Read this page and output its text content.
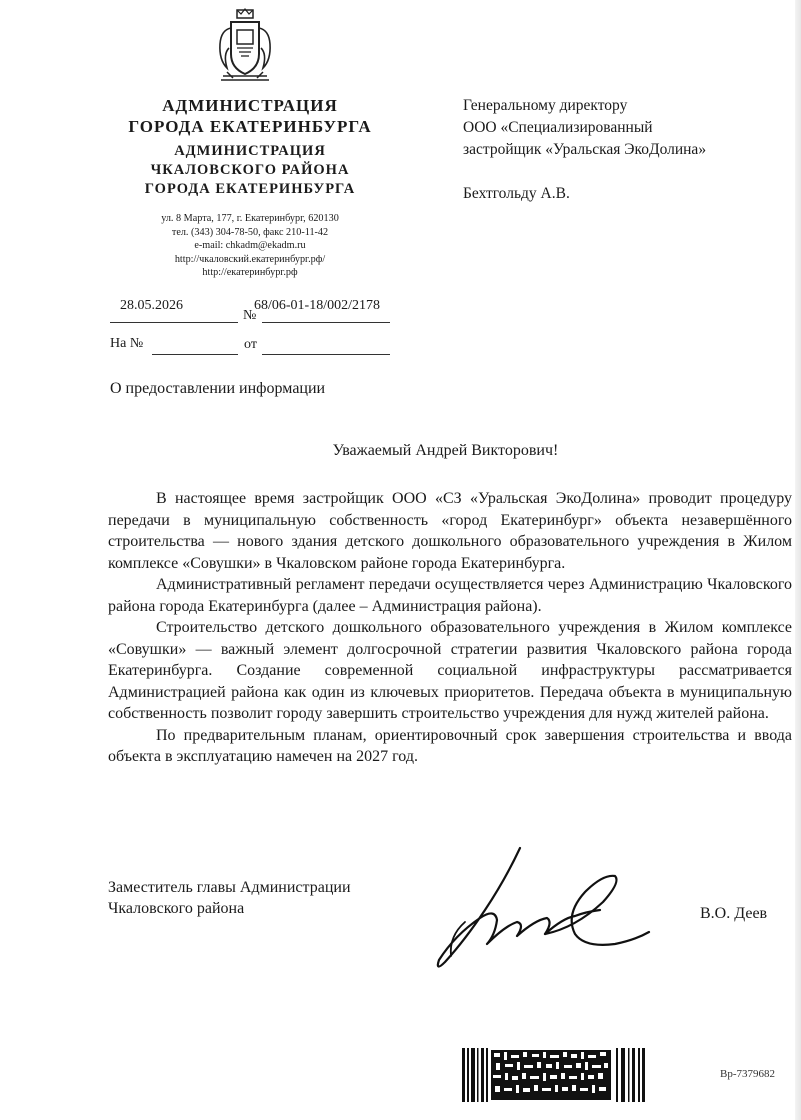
АДМИНИСТРАЦИЯ
ГОРОДА ЕКАТЕРИНБУРГА
АДМИНИСТРАЦИЯ
ЧКАЛОВСКОГО РАЙОНА
ГОРОДА ЕКАТЕРИНБУРГА
ул. 8 Марта, 177, г. Екатеринбург, 620130
тел. (343) 304-78-50, факс 210-11-42
e-mail: chkadm@ekadm.ru
http://чкаловский.екатеринбург.рф/
http://екатеринбург.рф
28.05.2026
№
68/06-01-18/002/2178
На №	от
Генеральному директору
ООО «Специализированный
застройщик «Уральская ЭкоДолина»
Бехтгольду А.В.
О предоставлении информации
Уважаемый Андрей Викторович!

В настоящее время застройщик ООО «СЗ «Уральская ЭкоДолина» проводит процедуру передачи в муниципальную собственность «город Екатеринбург» объекта незавершённого строительства — нового здания детского дошкольного образовательного учреждения в Жилом комплексе «Совушки» в Чкаловском районе города Екатеринбурга.

Административный регламент передачи осуществляется через Администрацию Чкаловского района города Екатеринбурга (далее – Администрация района).

Строительство детского дошкольного образовательного учреждения в Жилом комплексе «Совушки» — важный элемент долгосрочной стратегии развития Чкаловского района города Екатеринбурга. Создание современной социальной инфраструктуры рассматривается Администрацией района как один из ключевых приоритетов. Передача объекта в муниципальную собственность позволит городу завершить строительство учреждения для нужд жителей района.

По предварительным планам, ориентировочный срок завершения строительства и ввода объекта в эксплуатацию намечен на 2027 год.

Заместитель главы Администрации
Чкаловского района	В.О. Деев
Вр-7379682
